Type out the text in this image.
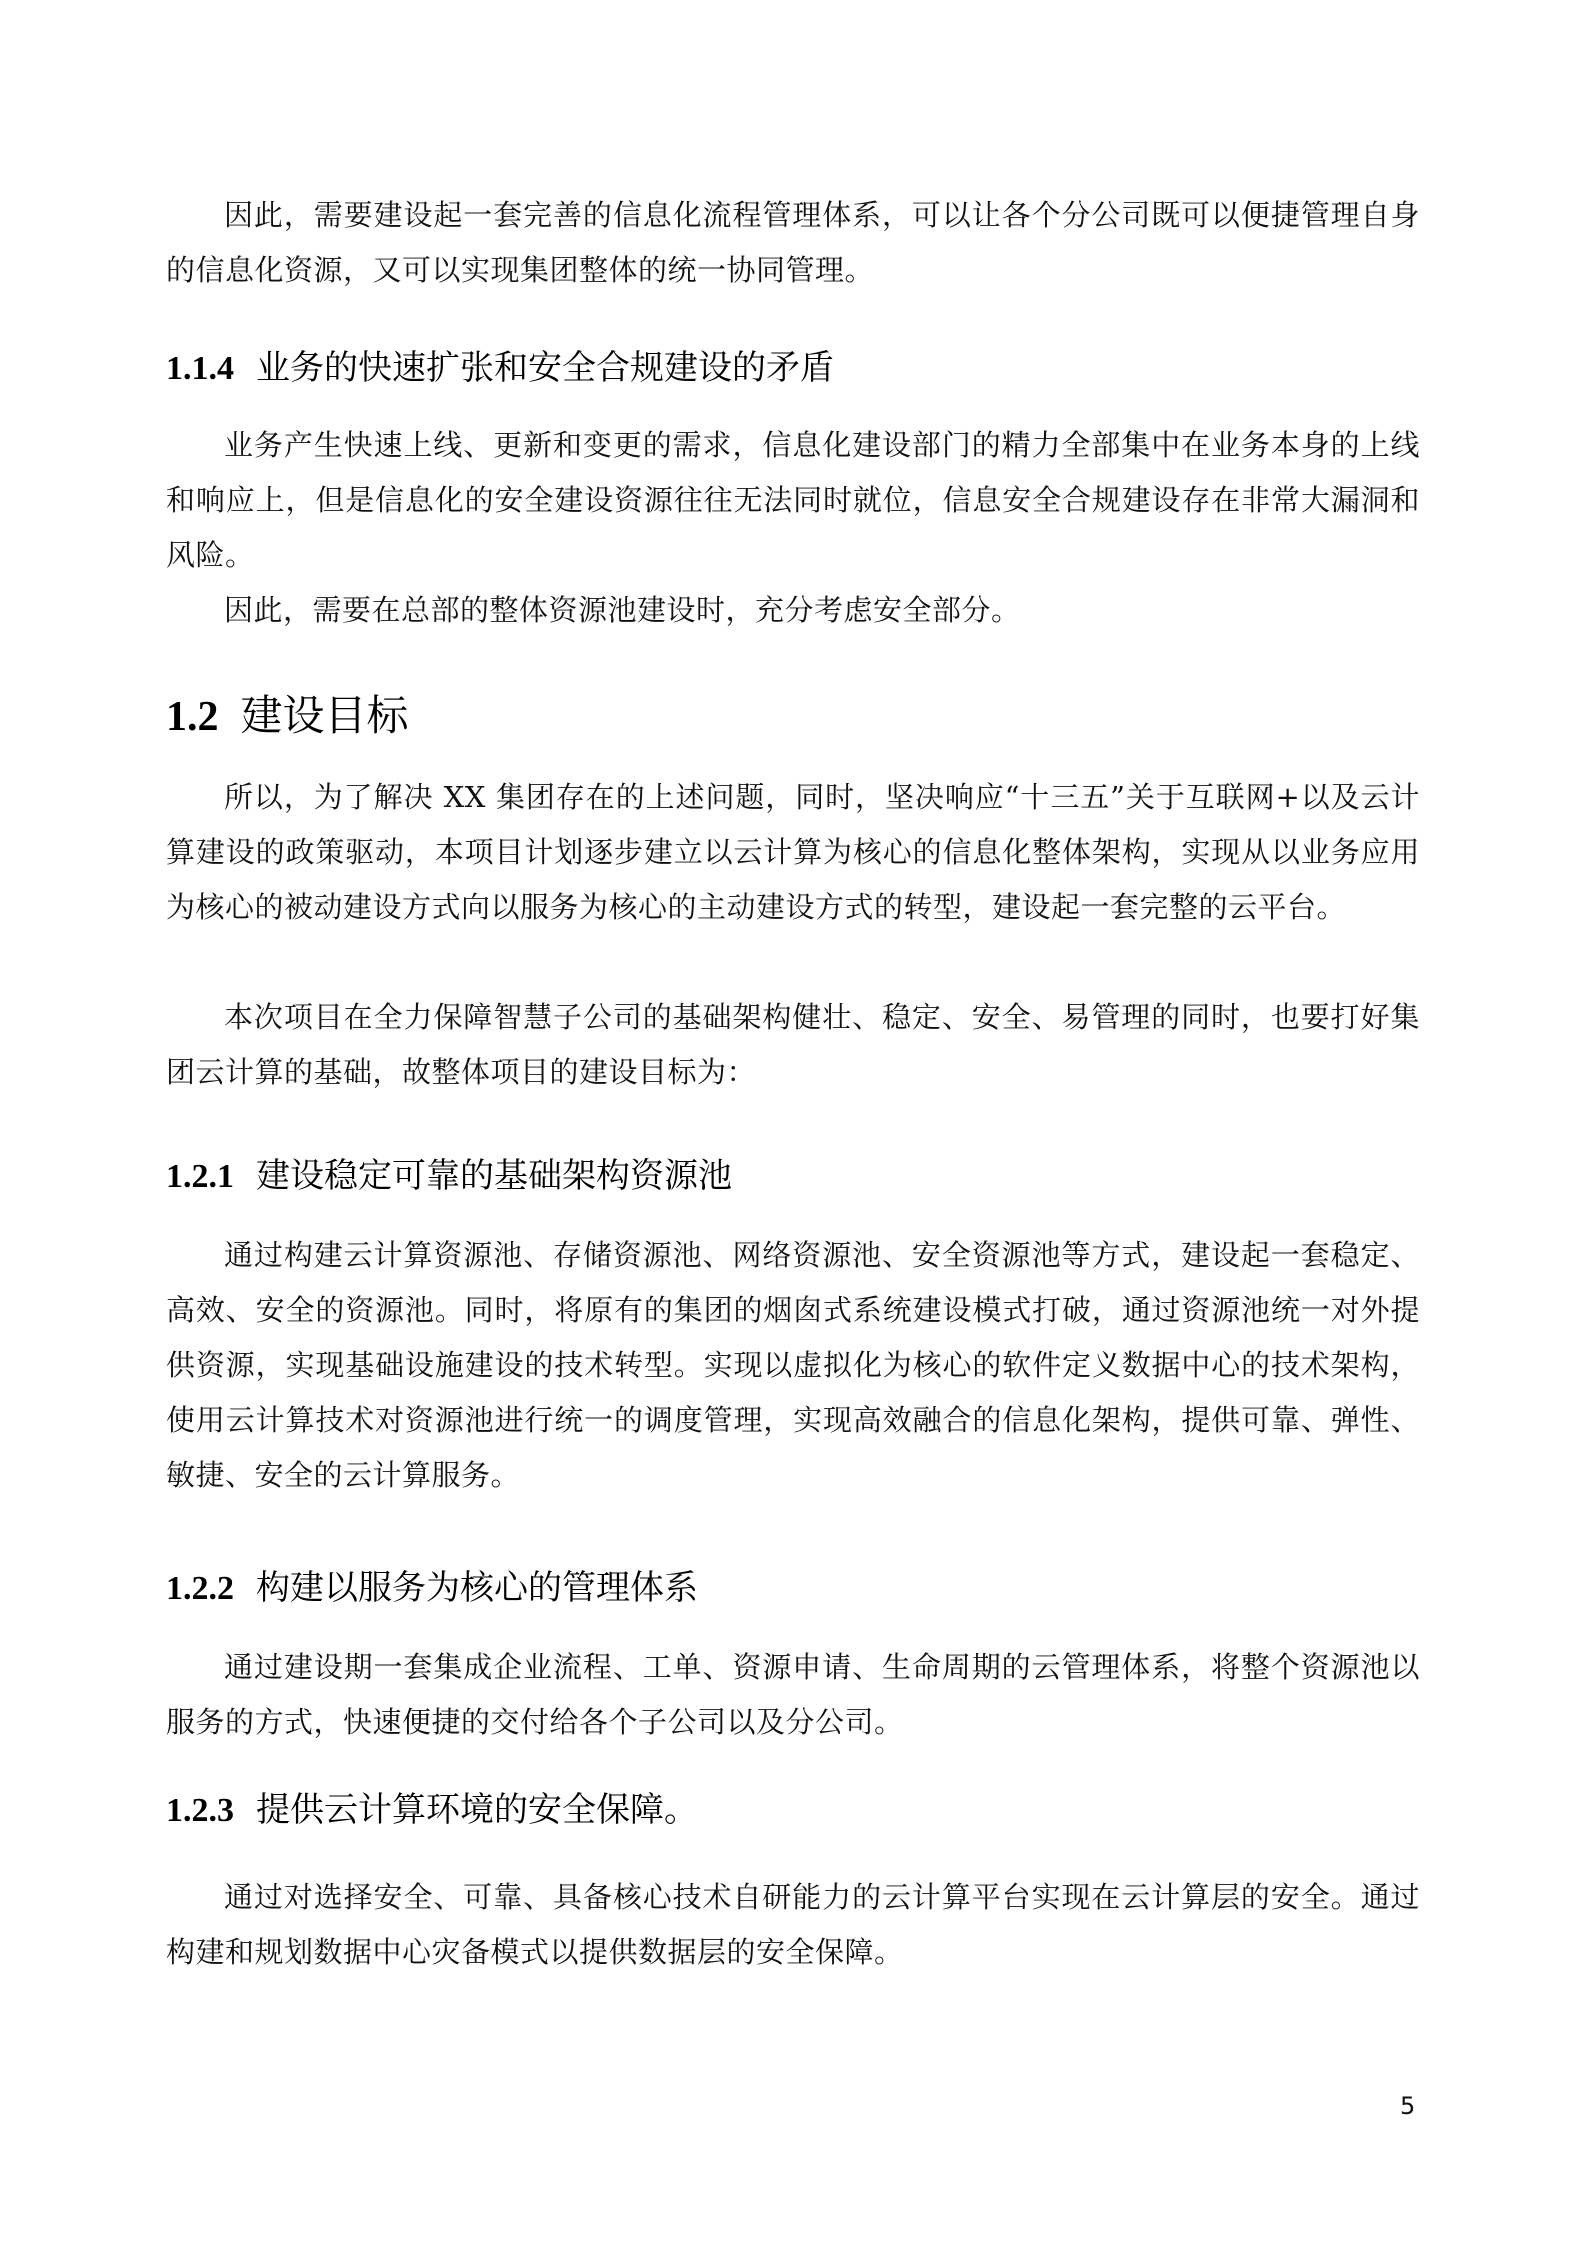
因此，需要建设起一套完善的信息化流程管理体系，可以让各个分公司既可以便捷管理自身的信息化资源，又可以实现集团整体的统一协同管理。

1.1.4 业务的快速扩张和安全合规建设的矛盾

业务产生快速上线、更新和变更的需求，信息化建设部门的精力全部集中在业务本身的上线和响应上，但是信息化的安全建设资源往往无法同时就位，信息安全合规建设存在非常大漏洞和风险。

因此，需要在总部的整体资源池建设时，充分考虑安全部分。

1.2 建设目标

所以，为了解决 XX 集团存在的上述问题，同时，坚决响应“十三五”关于互联网+以及云计算建设的政策驱动，本项目计划逐步建立以云计算为核心的信息化整体架构，实现从以业务应用为核心的被动建设方式向以服务为核心的主动建设方式的转型，建设起一套完整的云平台。

本次项目在全力保障智慧子公司的基础架构健壮、稳定、安全、易管理的同时，也要打好集团云计算的基础，故整体项目的建设目标为：

1.2.1 建设稳定可靠的基础架构资源池

通过构建云计算资源池、存储资源池、网络资源池、安全资源池等方式，建设起一套稳定、高效、安全的资源池。同时，将原有的集团的烟囱式系统建设模式打破，通过资源池统一对外提供资源，实现基础设施建设的技术转型。实现以虚拟化为核心的软件定义数据中心的技术架构，使用云计算技术对资源池进行统一的调度管理，实现高效融合的信息化架构，提供可靠、弹性、敏捷、安全的云计算服务。

1.2.2 构建以服务为核心的管理体系

通过建设期一套集成企业流程、工单、资源申请、生命周期的云管理体系，将整个资源池以服务的方式，快速便捷的交付给各个子公司以及分公司。

1.2.3 提供云计算环境的安全保障。

通过对选择安全、可靠、具备核心技术自研能力的云计算平台实现在云计算层的安全。通过构建和规划数据中心灾备模式以提供数据层的安全保障。

5
